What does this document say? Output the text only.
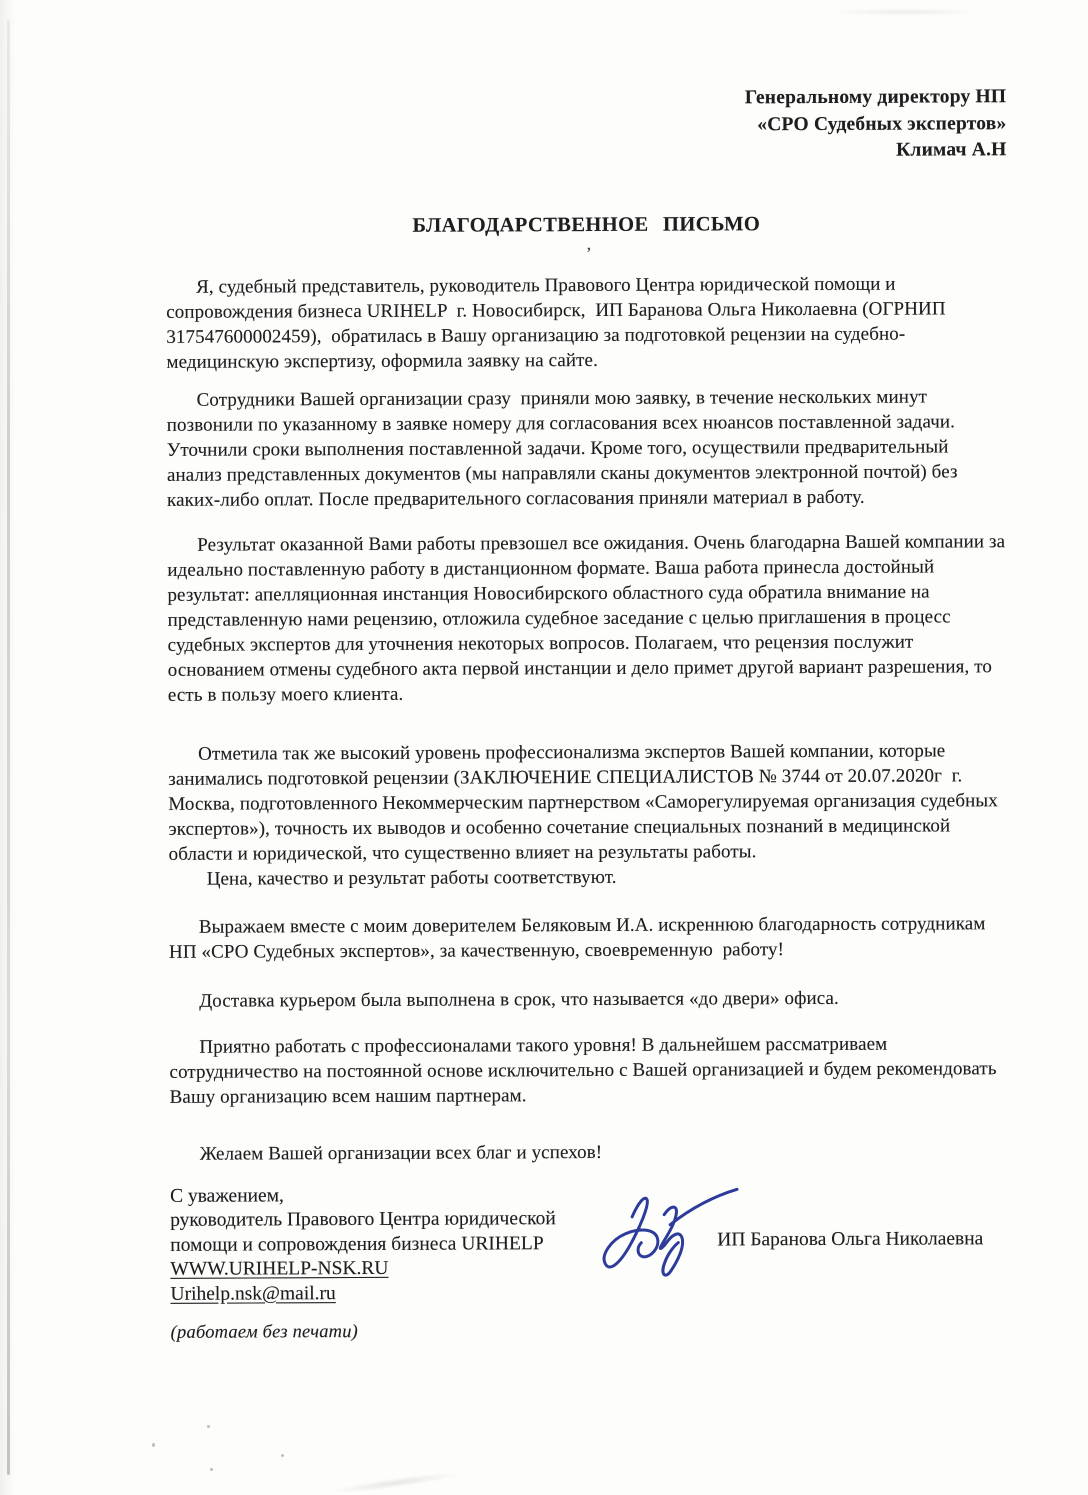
Генеральному директору НП
«СРО Судебных экспертов»
Климач А.Н
БЛАГОДАРСТВЕННОЕ ПИСЬМО
’

Я, судебный представитель, руководитель Правового Центра юридической помощи и сопровождения бизнеса URIHELP  г. Новосибирск,  ИП Баранова Ольга Николаевна (ОГРНИП 317547600002459),  обратилась в Вашу организацию за подготовкой рецензии на судебно-медицинскую экспертизу, оформила заявку на сайте.

Сотрудники Вашей организации сразу  приняли мою заявку, в течение нескольких минут позвонили по указанному в заявке номеру для согласования всех нюансов поставленной задачи. Уточнили сроки выполнения поставленной задачи. Кроме того, осуществили предварительный анализ представленных документов (мы направляли сканы документов электронной почтой) без каких-либо оплат. После предварительного согласования приняли материал в работу.

Результат оказанной Вами работы превзошел все ожидания. Очень благодарна Вашей компании за идеально поставленную работу в дистанционном формате. Ваша работа принесла достойный результат: апелляционная инстанция Новосибирского областного суда обратила внимание на представленную нами рецензию, отложила судебное заседание с целью приглашения в процесс судебных экспертов для уточнения некоторых вопросов. Полагаем, что рецензия послужит основанием отмены судебного акта первой инстанции и дело примет другой вариант разрешения, то есть в пользу моего клиента.

Отметила так же высокий уровень профессионализма экспертов Вашей компании, которые занимались подготовкой рецензии (ЗАКЛЮЧЕНИЕ СПЕЦИАЛИСТОВ № 3744 от 20.07.2020г  г. Москва, подготовленного Некоммерческим партнерством «Саморегулируемая организация судебных экспертов»), точность их выводов и особенно сочетание специальных познаний в медицинской области и юридической, что существенно влияет на результаты работы.

Цена, качество и результат работы соответствуют.

Выражаем вместе с моим доверителем Беляковым И.А. искреннюю благодарность сотрудникам НП «СРО Судебных экспертов», за качественную, своевременную  работу!

Доставка курьером была выполнена в срок, что называется «до двери» офиса.

Приятно работать с профессионалами такого уровня! В дальнейшем рассматриваем сотрудничество на постоянной основе исключительно с Вашей организацией и будем рекомендовать Вашу организацию всем нашим партнерам.

Желаем Вашей организации всех благ и успехов!

С уважением,
руководитель Правового Центра юридической
помощи и сопровождения бизнеса URIHELP
WWW.URIHELP-NSK.RU
Urihelp.nsk@mail.ru
ИП Баранова Ольга Николаевна

(работаем без печати)
